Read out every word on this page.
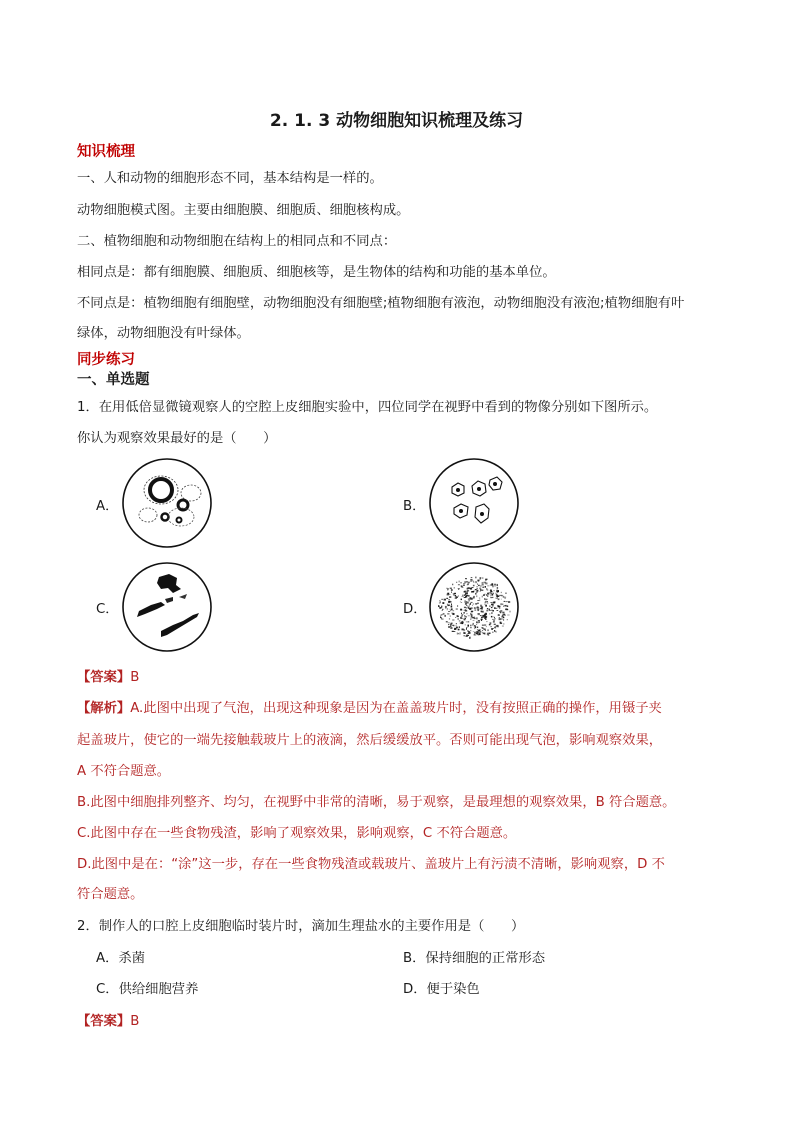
2. 1. 3 动物细胞知识梳理及练习
知识梳理
一、人和动物的细胞形态不同，基本结构是一样的。
动物细胞模式图。主要由细胞膜、细胞质、细胞核构成。
二、植物细胞和动物细胞在结构上的相同点和不同点：
相同点是：都有细胞膜、细胞质、细胞核等，是生物体的结构和功能的基本单位。
不同点是：植物细胞有细胞壁，动物细胞没有细胞壁;植物细胞有液泡，动物细胞没有液泡;植物细胞有叶
绿体，动物细胞没有叶绿体。
同步练习
一、单选题
1．在用低倍显微镜观察人的空腔上皮细胞实验中，四位同学在视野中看到的物像分别如下图所示。
你认为观察效果最好的是（　　）
A．	B．
C．	D．
【答案】B
【解析】A.此图中出现了气泡，出现这种现象是因为在盖盖玻片时，没有按照正确的操作，用镊子夹
起盖玻片，使它的一端先接触载玻片上的液滴，然后缓缓放平。否则可能出现气泡，影响观察效果，
A 不符合题意。
B.此图中细胞排列整齐、均匀，在视野中非常的清晰，易于观察，是最理想的观察效果，B 符合题意。
C.此图中存在一些食物残渣，影响了观察效果，影响观察，C 不符合题意。
D.此图中是在：“涂”这一步，存在一些食物残渣或载玻片、盖玻片上有污渍不清晰，影响观察，D 不
符合题意。
2．制作人的口腔上皮细胞临时装片时，滴加生理盐水的主要作用是（　　）
A．杀菌	B．保持细胞的正常形态
C．供给细胞营养	D．便于染色
【答案】B
